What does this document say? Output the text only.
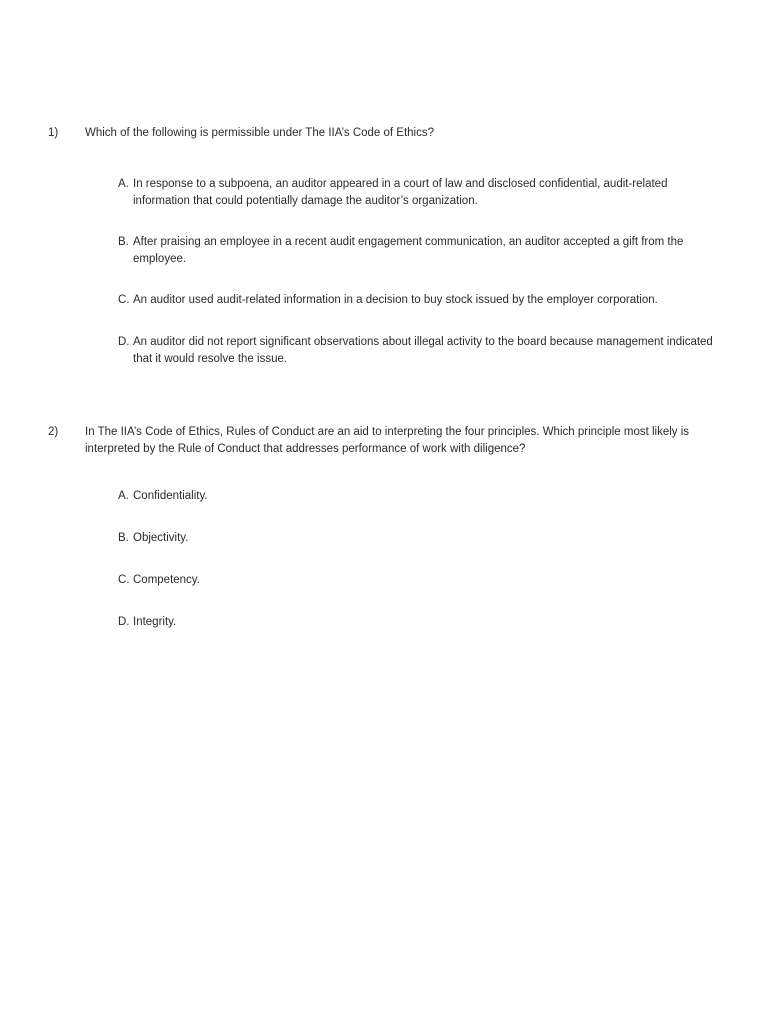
1)	Which of the following is permissible under The IIA’s Code of Ethics?
A. In response to a subpoena, an auditor appeared in a court of law and disclosed confidential, audit-related information that could potentially damage the auditor’s organization.
B. After praising an employee in a recent audit engagement communication, an auditor accepted a gift from the employee.
C. An auditor used audit-related information in a decision to buy stock issued by the employer corporation.
D. An auditor did not report significant observations about illegal activity to the board because management indicated that it would resolve the issue.
2)	In The IIA’s Code of Ethics, Rules of Conduct are an aid to interpreting the four principles. Which principle most likely is interpreted by the Rule of Conduct that addresses performance of work with diligence?
A. Confidentiality.
B. Objectivity.
C. Competency.
D. Integrity.
